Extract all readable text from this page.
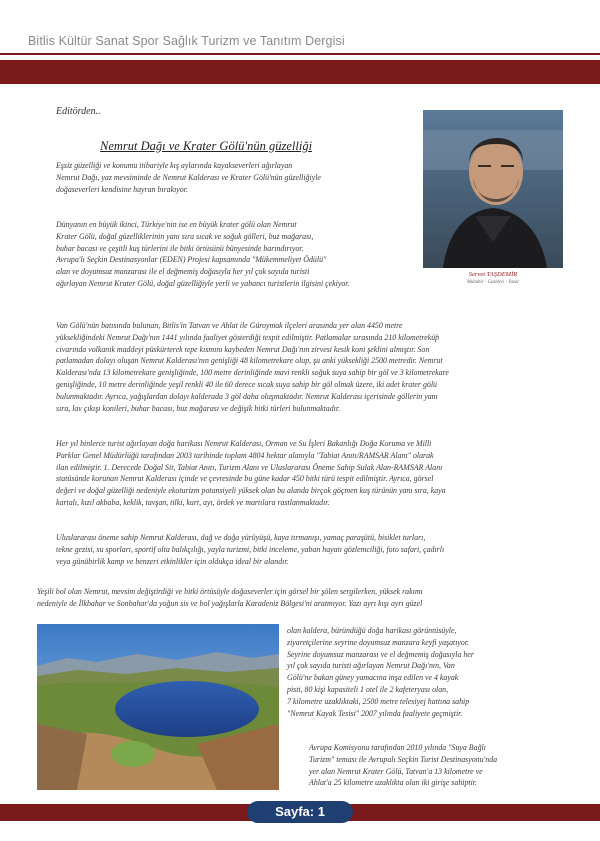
Bitlis Kültür Sanat Spor Sağlık Turizm ve Tanıtım Dergisi
Editörden..
Nemrut Dağı ve Krater Gölü'nün güzelliği
Eşsiz güzelliği ve konumu itibariyle kış aylarında kayakseverleri ağırlayan
Nemrut Dağı, yaz mevsiminde de Nemrut Kalderası ve Krater Gölü'nün güzelliğiyle
doğaseverleri kendisine hayran bırakıyor.
Dünyanın en büyük ikinci, Türkiye'nin ise en büyük krater gölü olan Nemrut
Krater Gölü, doğal güzelliklerinin yanı sıra sıcak ve soğuk gölleri, buz mağarası,
buhar bacası ve çeşitli kuş türlerini ile bitki örtüsünü bünyesinde barındırıyor.
Avrupa'lı Seçkin Destinasyonlar (EDEN) Projesi kapsamında "Mükemmeliyet Ödülü"
alan ve doyumsuz manzarası ile el değmemiş doğasıyla her yıl çok sayıda turisti
ağırlayan Nemrut Krater Gölü, doğal güzelliğiyle yerli ve yabancı turistlerin ilgisini çekiyor.
Servet TAŞDEMİR
Muhabir - Gazeteci - Yazar
Van Gölü'nün batısında bulunan, Bitlis'in Tatvan ve Ahlat ile Güroymak ilçeleri arasında yer alan 4450 metre
yüksekliğindeki Nemrut Dağı'nın 1441 yılında faaliyet gösterdiği tespit edilmiştir. Patlamalar sırasında 210 kilometrekü̈p
civarında volkanik maddeyi püskürterek tepe kısmını kaybeden Nemrut Dağı'nın zirvesi kesik koni şeklini almıştır. Son
patlamadan dolayı oluşan Nemrut Kalderası'nın genişliği 48 kilometrekare olup, şu anki yüksekliği 2500 metredir. Nemrut
Kalderası'nda 13 kilometrekare genişliğinde, 100 metre derinliğinde mavi renkli soğuk suya sahip bir göl ve 3 kilometrekare
genişliğinde, 10 metre derinliğinde yeşil renkli 40 ile 60 derece sıcak suya sahip bir göl olmak üzere, iki adet krater gölü
bulunmaktadır. Ayrıca, yağışlardan dolayı kalderada 3 göl daha oluşmaktadır. Nemrut Kalderası içerisinde göllerin yanı
sıra, lav çıkışı konileri, buhar bacası, buz mağarası ve değişik bitki türleri bulunmaktadır.
Her yıl binlerce turist ağırlayan doğa harikası Nemrut Kalderası, Orman ve Su İşleri Bakanlığı Doğa Koruma ve Milli
Parklar Genel Müdürlüğü tarafından 2003 tarihinde toplam 4804 hektar alanıyla "Tabiat Anıtı/RAMSAR Alanı" olarak
ilan edilmiştir. 1. Derecede Doğal Sit, Tabiat Anıtı, Turizm Alanı ve Uluslararası Öneme Sahip Sulak Alan-RAMSAR Alanı
statüsünde korunan Nemrut Kalderası içinde ve çevresinde bu güne kadar 450 bitki türü tespit edilmiştir. Ayrıca, görsel
değeri ve doğal güzelliği nedeniyle ekoturizm potansiyeli yüksek olan bu alanda birçok göçmen kuş türünün yanı sıra, kaya
kartalı, kızıl akbaba, keklik, tavşan, tilki, kurt, ayı, ördek ve martılara rastlanmaktadır.
Uluslararası öneme sahip Nemrut Kalderası, dağ ve doğa yürüyüşü, kaya tırmanışı, yamaç paraşütü, bisiklet turları,
tekne gezisi, su sporları, sportif olta balıkçılığı, yayla turizmi, bitki inceleme, yaban hayatı gözlemciliği, foto safari, çadırlı
veya günübirlik kamp ve benzeri etkinlikler için oldukça ideal bir alandır.
Yeşili bol olan Nemrut, mevsim değiştirdiği ve bitki örtüsüyle doğaseverler için görsel bir şölen sergilerken, yüksek rakımı
nedeniyle de İlkbahar ve Sonbahar'da yoğun sis ve bol yağışlarla Karadeniz Bölgesi'ni aratmıyor. Yazı ayrı kışı ayrı güzel
olan kaldera, büründüğü doğa harikası görüntüsüyle,
ziyaretçilerine seyrine doyumsuz manzara keyfi yaşatıyor.
Seyrine doyumsuz manzarası ve el değmemiş doğasıyla her
yıl çok sayıda turisti ağırlayan Nemrut Dağı'nın, Van
Gölü'ne bakan güney yamacına inşa edilen ve 4 kayak
pisti, 80 kişi kapasiteli 1 otel ile 2 kafeteryası olan,
7 kilometre uzaklıktaki, 2500 metre telesiyej hattına sahip
"Nemrut Kayak Tesisi" 2007 yılında faaliyete geçmiştir.
Avrupa Komisyonu tarafından 2010 yılında "Suya Bağlı
Turizm" teması ile Avrupalı Seçkin Turist Destinasyonu'nda
yer alan Nemrut Krater Gölü, Tatvan'a 13 kilometre ve
Ahlat'a 25 kilometre uzaklıkta olan iki girişe sahiptir.
Sayfa: 1
